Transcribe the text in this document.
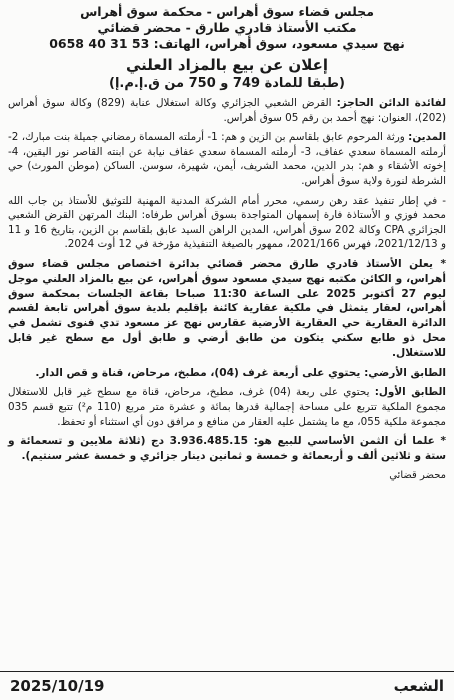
مجلس قضاء سوق أهراس - محكمة سوق أهراس
مكتب الأستاذ قادري طارق - محضر قضائي
نهج سيدي مسعود، سوق أهراس، الهاتف: 53 31 40 0658
إعلان عن بيع بالمزاد العلني
(طبقا للمادة 749 و 750 من ق.إ.م.إ)

لفائدة الدائن الحاجز: القرض الشعبي الجزائري وكالة استغلال عنابة (829) وكالة سوق أهراس (202)، العنوان: نهج أحمد بن رقم 05 سوق أهراس.

المدين: ورثة المرحوم عابق بلقاسم بن الزين و هم: 1- أرملته المسماة رمضاني جميلة بنت مبارك، 2- أرملته المسماة سعدي عفاف، 3- أرملته المسماة سعدي عفاف نيابة عن ابنته القاصر نور اليقين، 4- إخوته الأشقاء و هم: بدر الدين، محمد الشريف، أيمن، شهيرة، سوسن. الساكن (موطن المورث) حي الشرطة لنورة ولاية سوق أهراس.

- في إطار تنفيذ عقد رهن رسمي، محرر أمام الشركة المدنية المهنية للتوثيق للأستاذ بن جاب الله محمد فوزي و الأستاذة فارة إسمهان المتواجدة بسوق أهراس طرفاه: البنك المرتهن القرض الشعبي الجزائري CPA وكالة 202 سوق أهراس، المدين الراهن السيد عابق بلقاسم بن الزين، بتاريخ 16 و 11 و 2021/12/13، فهرس 2021/166، ممهور بالصيغة التنفيذية مؤرخة في 12 أوت 2024.

* يعلن الأستاذ قادري طارق محضر قضائي بدائرة اختصاص مجلس قضاء سوق أهراس، و الكائن مكتبه نهج سيدي مسعود سوق أهراس، عن بيع بالمزاد العلني موجل ليوم 27 أكتوبر 2025 على الساعة 11:30 صباحا بقاعة الجلسات بمحكمة سوق أهراس، لعقار يتمثل في ملكية عقارية كائنة بإقليم بلدية سوق أهراس تابعة لقسم الدائرة العقارية حي العقارية الأرضية عقارس نهج عز مسعود تدي فنوى تشمل في محل ذو طابع سكني يتكون من طابق أرضي و طابق أول مع سطح غير قابل للاستغلال.

الطابق الأرضي: يحتوي على أربعة غرف (04)، مطبخ، مرحاض، قناة و قص الدار.

الطابق الأول: يحتوي على ربعة (04) غرف، مطبخ، مرحاض، قناة مع سطح غير قابل للاستغلال مجموع الملكية تتربع على مساحة إجمالية قدرها بمائة و عشرة متر مربع (110 م²) تتبع قسم 035 مجموعة ملكية 055، مع ما يشتمل عليه العقار من منافع و مرافق دون أي استثناء أو تحفظ.

* علما أن الثمن الأساسي للبيع هو: 3.936.485.15 دج (ثلاثة ملايين و تسعمائة و ستة و ثلاثين ألف و أربعمائة و خمسة و ثمانين دينار جزائري و خمسة عشر سنتيم).

محضر قضائي
الشعب
2025/10/19
